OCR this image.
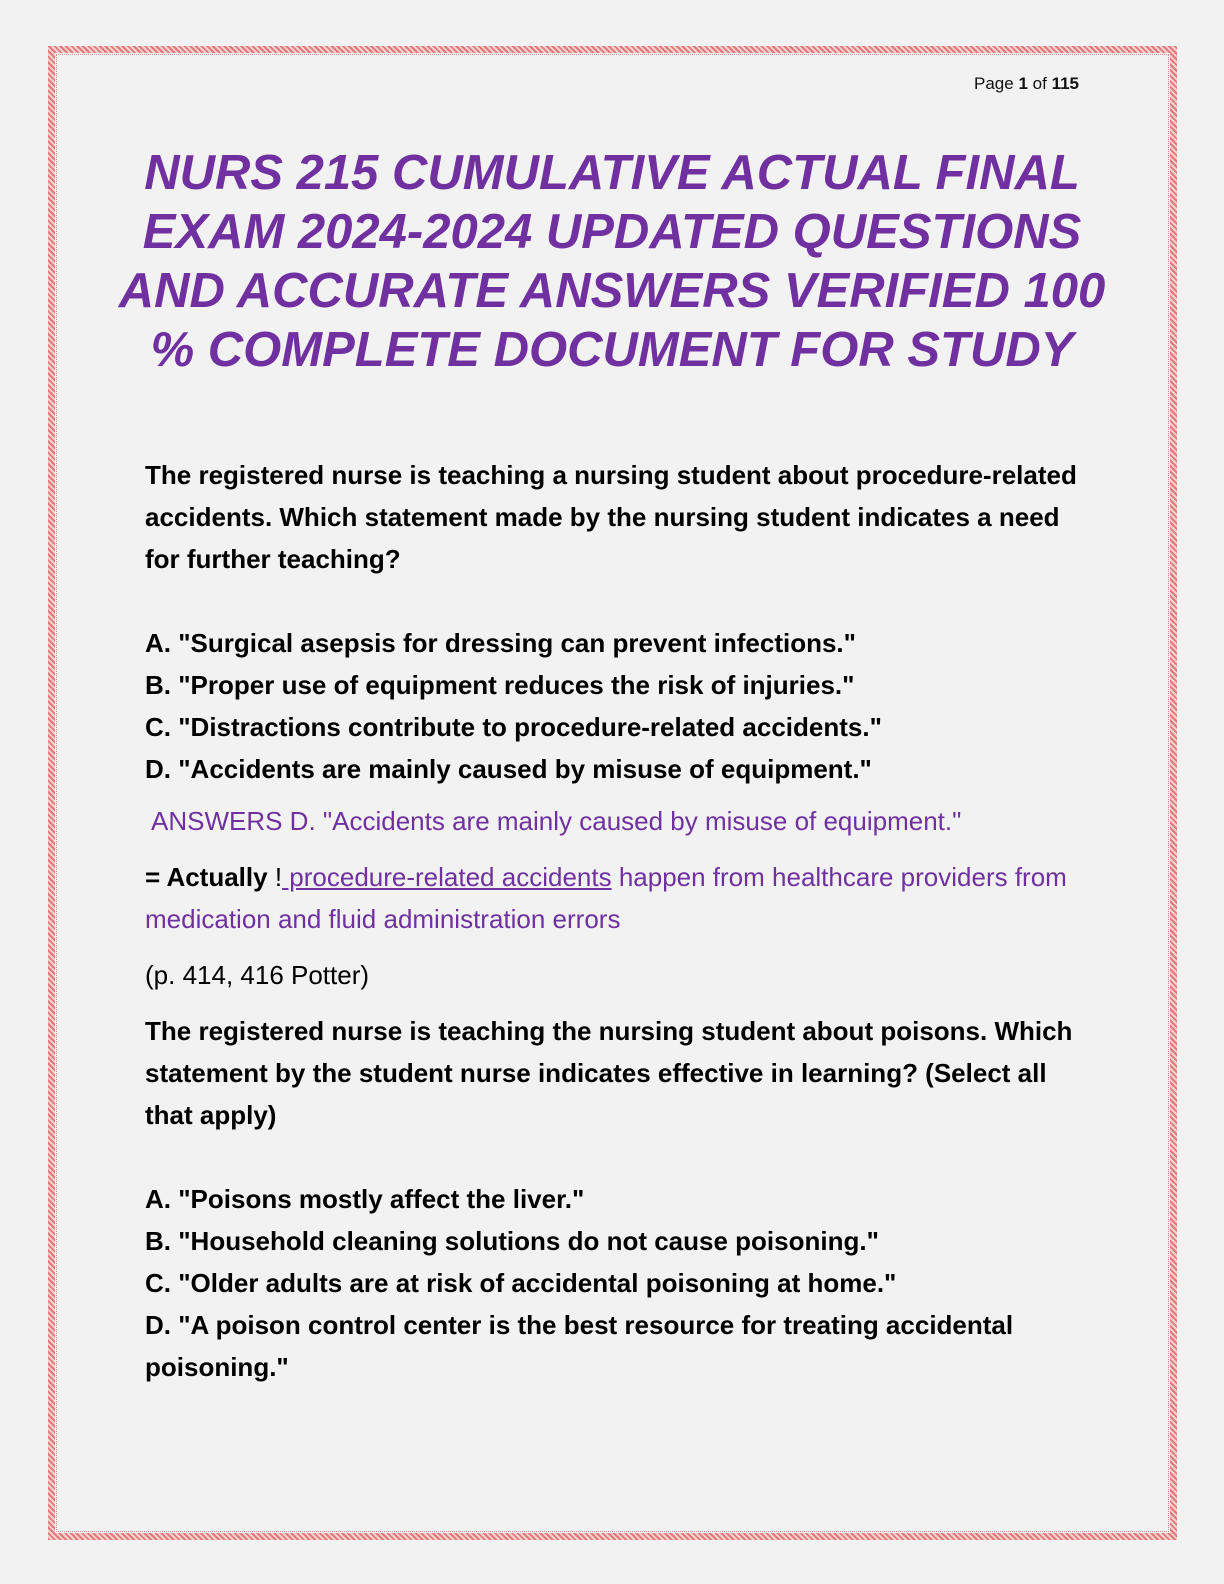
Page 1 of 115
NURS 215 CUMULATIVE ACTUAL FINAL EXAM 2024-2024 UPDATED QUESTIONS AND ACCURATE ANSWERS VERIFIED 100 % COMPLETE DOCUMENT FOR STUDY

The registered nurse is teaching a nursing student about procedure-related accidents. Which statement made by the nursing student indicates a need for further teaching?

A. "Surgical asepsis for dressing can prevent infections."

B. "Proper use of equipment reduces the risk of injuries."

C. "Distractions contribute to procedure-related accidents."

D. "Accidents are mainly caused by misuse of equipment."

ANSWERS D. "Accidents are mainly caused by misuse of equipment."

= Actually ! procedure-related accidents happen from healthcare providers from medication and fluid administration errors

(p. 414, 416 Potter)

The registered nurse is teaching the nursing student about poisons. Which statement by the student nurse indicates effective in learning? (Select all that apply)

A. "Poisons mostly affect the liver."

B. "Household cleaning solutions do not cause poisoning."

C. "Older adults are at risk of accidental poisoning at home."

D. "A poison control center is the best resource for treating accidental poisoning."
